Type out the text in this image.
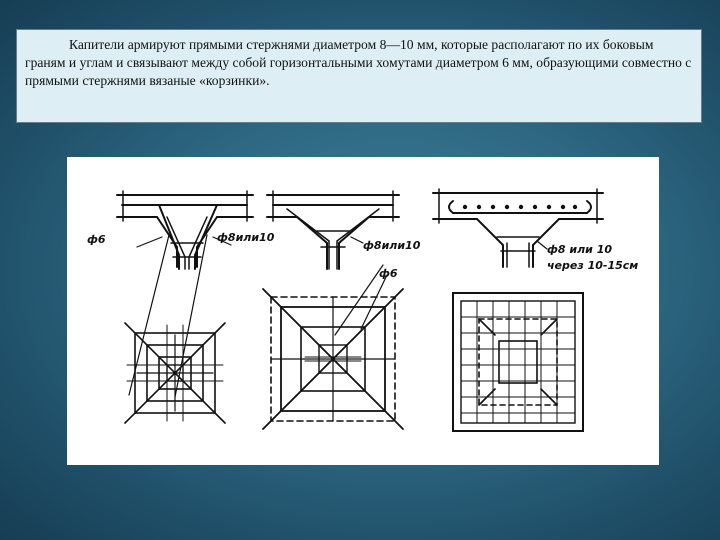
Капители армируют прямыми стержнями диаметром 8—10 мм, которые располагают по их боковым граням и углам и связывают между собой горизонтальными хомутами диаметром 6 мм, образующими совместно с прямыми стержнями вязаные «корзинки».

ф6	ф8или10
ф8или10
ф6
ф8 или 10
через 10-15см
